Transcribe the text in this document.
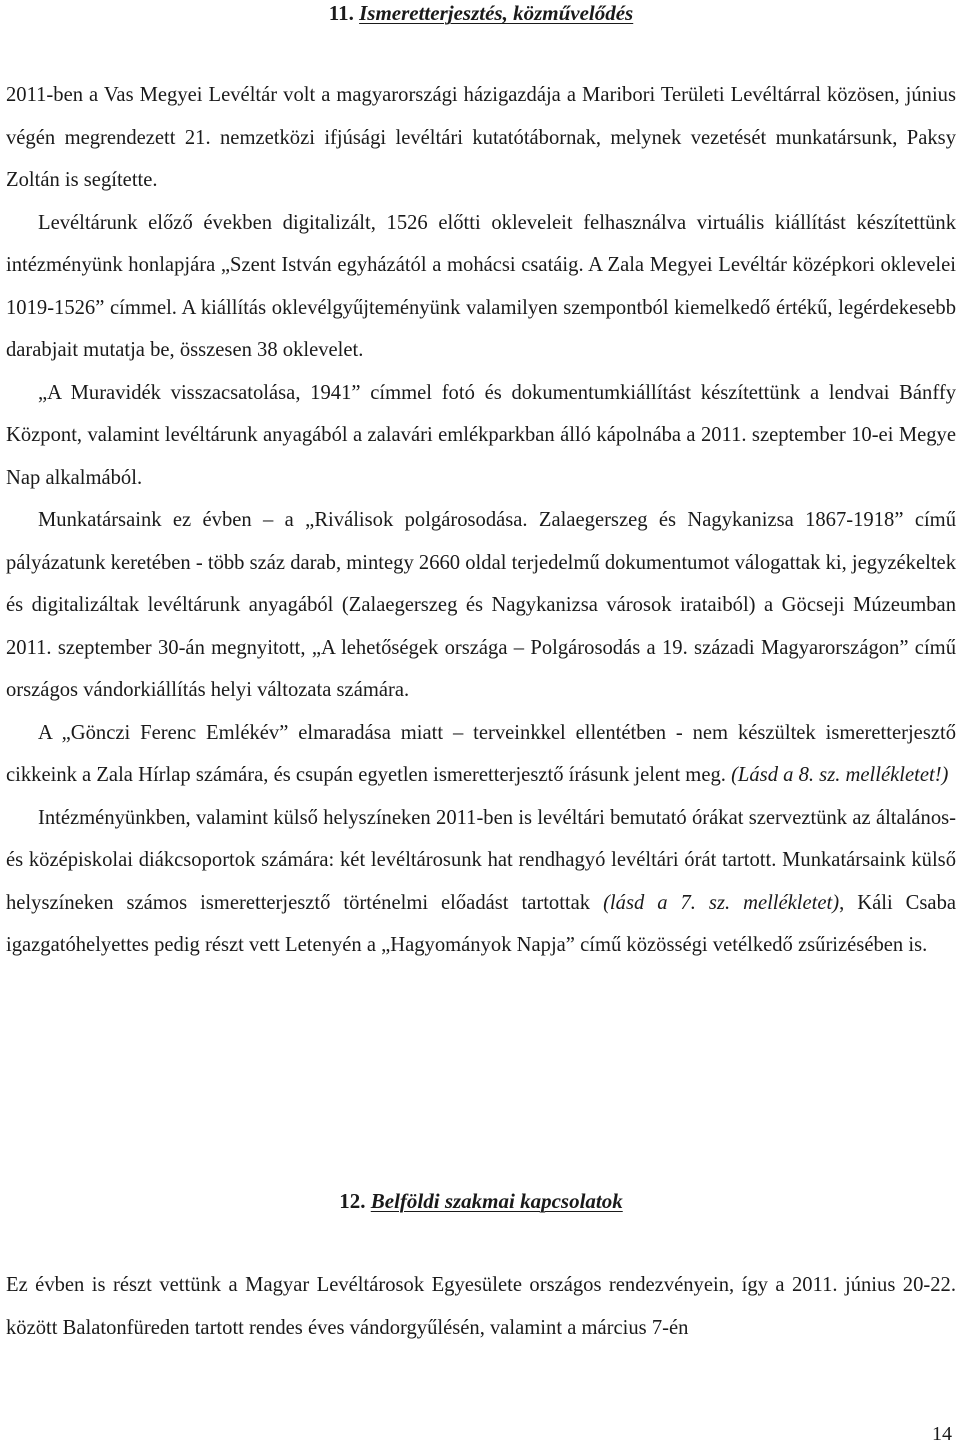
11. Ismeretterjesztés, közművelődés

2011-ben a Vas Megyei Levéltár volt a magyarországi házigazdája a Maribori Területi Levéltárral közösen, június végén megrendezett 21. nemzetközi ifjúsági levéltári kutatótábornak, melynek vezetését munkatársunk, Paksy Zoltán is segítette.

Levéltárunk előző években digitalizált, 1526 előtti okleveleit felhasználva virtuális kiállítást készítettünk intézményünk honlapjára „Szent István egyházától a mohácsi csatáig. A Zala Megyei Levéltár középkori oklevelei 1019-1526” címmel. A kiállítás oklevélgyűjteményünk valamilyen szempontból kiemelkedő értékű, legérdekesebb darabjait mutatja be, összesen 38 oklevelet.

„A Muravidék visszacsatolása, 1941” címmel fotó és dokumentumkiállítást készítettünk a lendvai Bánffy Központ, valamint levéltárunk anyagából a zalavári emlékparkban álló kápolnába a 2011. szeptember 10-ei Megye Nap alkalmából.

Munkatársaink ez évben – a „Riválisok polgárosodása. Zalaegerszeg és Nagykanizsa 1867-1918” című pályázatunk keretében - több száz darab, mintegy 2660 oldal terjedelmű dokumentumot válogattak ki, jegyzékeltek és digitalizáltak levéltárunk anyagából (Zalaegerszeg és Nagykanizsa városok irataiból) a Göcseji Múzeumban 2011. szeptember 30-án megnyitott, „A lehetőségek országa – Polgárosodás a 19. századi Magyarországon” című országos vándorkiállítás helyi változata számára.

A „Gönczi Ferenc Emlékév” elmaradása miatt – terveinkkel ellentétben - nem készültek ismeretterjesztő cikkeink a Zala Hírlap számára, és csupán egyetlen ismeretterjesztő írásunk jelent meg. (Lásd a 8. sz. mellékletet!)

Intézményünkben, valamint külső helyszíneken 2011-ben is levéltári bemutató órákat szerveztünk az általános- és középiskolai diákcsoportok számára: két levéltárosunk hat rendhagyó levéltári órát tartott. Munkatársaink külső helyszíneken számos ismeretterjesztő történelmi előadást tartottak (lásd a 7. sz. mellékletet), Káli Csaba igazgatóhelyettes pedig részt vett Letenyén a „Hagyományok Napja” című közösségi vetélkedő zsűrizésében is.

12. Belföldi szakmai kapcsolatok

Ez évben is részt vettünk a Magyar Levéltárosok Egyesülete országos rendezvényein, így a 2011. június 20-22. között Balatonfüreden tartott rendes éves vándorgyűlésén, valamint a március 7-én

14
